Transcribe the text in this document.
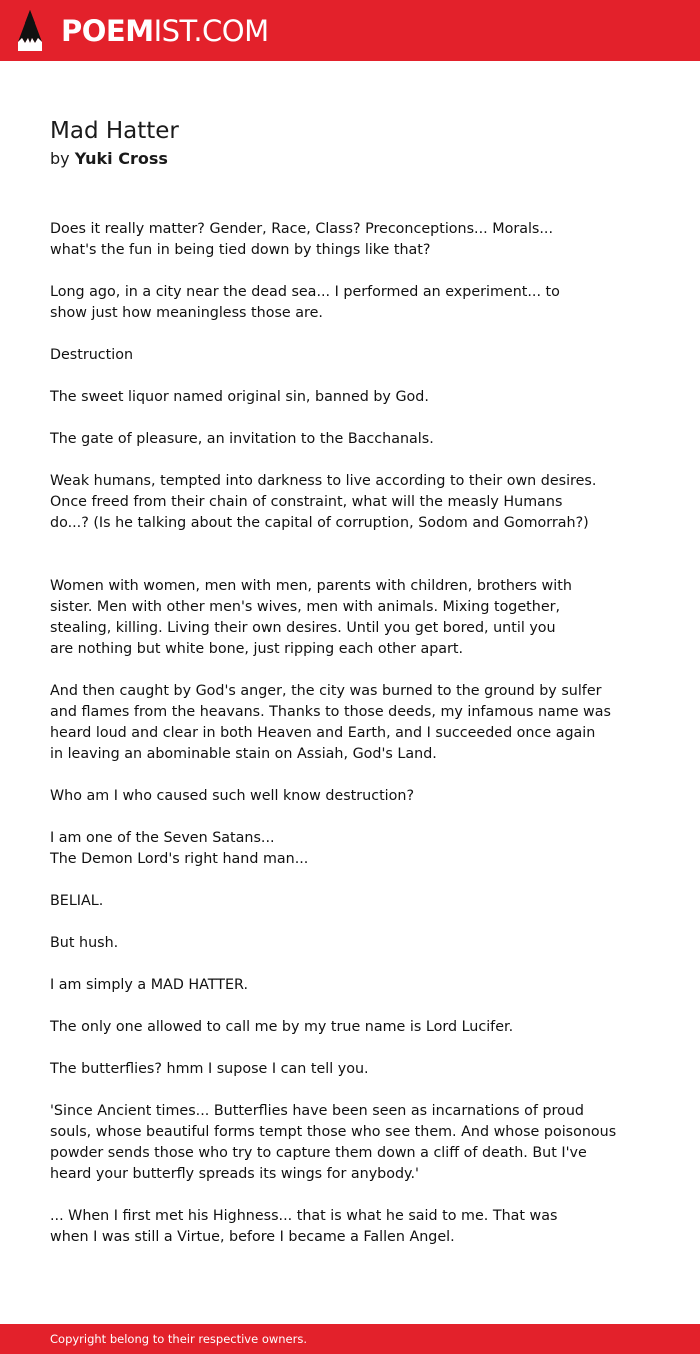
POEMIST.COM
Mad Hatter
by Yuki Cross
Does it really matter? Gender, Race, Class? Preconceptions... Morals...
what's the fun in being tied down by things like that?
Long ago, in a city near the dead sea... I performed an experiment... to
show just how meaningless those are.
Destruction
The sweet liquor named original sin, banned by God.
The gate of pleasure, an invitation to the Bacchanals.
Weak humans, tempted into darkness to live according to their own desires.
Once freed from their chain of constraint, what will the measly Humans
do...? (Is he talking about the capital of corruption, Sodom and Gomorrah?)
Women with women, men with men, parents with children, brothers with
sister. Men with other men's wives, men with animals. Mixing together,
stealing, killing. Living their own desires. Until you get bored, until you
are nothing but white bone, just ripping each other apart.
And then caught by God's anger, the city was burned to the ground by sulfer
and flames from the heavans. Thanks to those deeds, my infamous name was
heard loud and clear in both Heaven and Earth, and I succeeded once again
in leaving an abominable stain on Assiah, God's Land.
Who am I who caused such well know destruction?
I am one of the Seven Satans...
The Demon Lord's right hand man...
BELIAL.
But hush.
I am simply a MAD HATTER.
The only one allowed to call me by my true name is Lord Lucifer.
The butterflies? hmm I supose I can tell you.
'Since Ancient times... Butterflies have been seen as incarnations of proud
souls, whose beautiful forms tempt those who see them. And whose poisonous
powder sends those who try to capture them down a cliff of death. But I've
heard your butterfly spreads its wings for anybody.'
... When I first met his Highness... that is what he said to me. That was
when I was still a Virtue, before I became a Fallen Angel.
Copyright belong to their respective owners.
